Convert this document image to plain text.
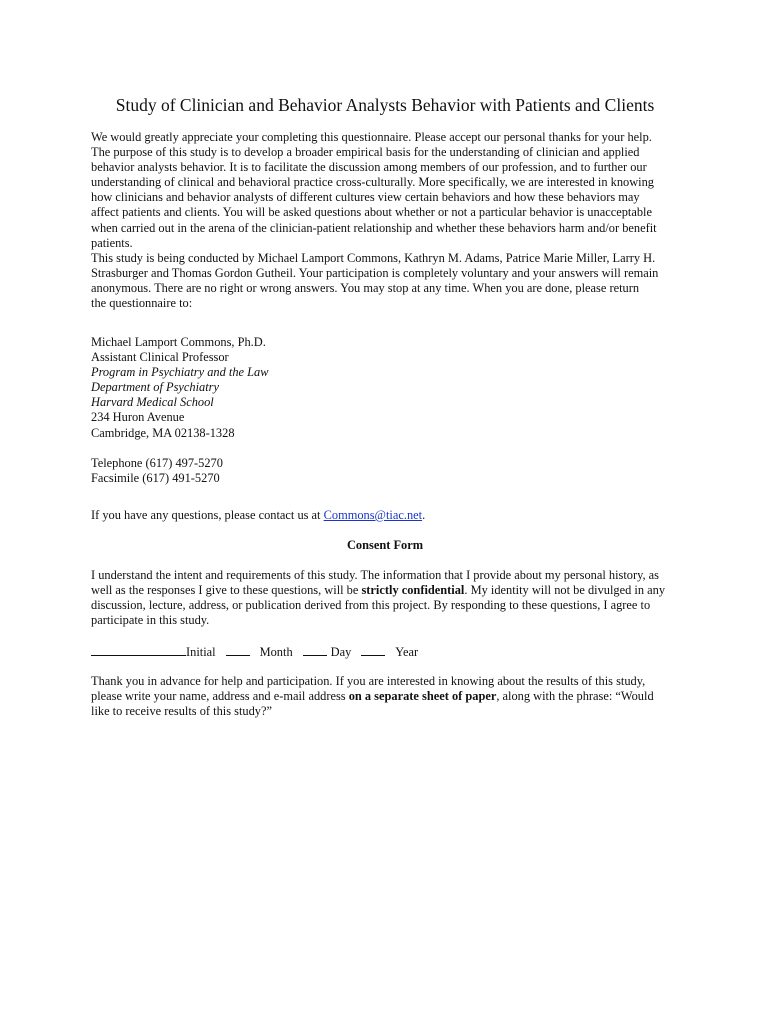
Study of Clinician and Behavior Analysts Behavior with Patients and Clients
We would greatly appreciate your completing this questionnaire. Please accept our personal thanks for your help.
The purpose of this study is to develop a broader empirical basis for the understanding of clinician and applied
behavior analysts behavior. It is to facilitate the discussion among members of our profession, and to further our
understanding of clinical and behavioral practice cross-culturally. More specifically, we are interested in knowing
how clinicians and behavior analysts of different cultures view certain behaviors and how these behaviors may
affect patients and clients. You will be asked questions about whether or not a particular behavior is unacceptable
when carried out in the arena of the clinician-patient relationship and whether these behaviors harm and/or benefit
patients.
This study is being conducted by Michael Lamport Commons, Kathryn M. Adams, Patrice Marie Miller, Larry H.
Strasburger and Thomas Gordon Gutheil. Your participation is completely voluntary and your answers will remain
anonymous. There are no right or wrong answers. You may stop at any time. When you are done, please return
the questionnaire to:
Michael Lamport Commons, Ph.D.
Assistant Clinical Professor
Program in Psychiatry and the Law
Department of Psychiatry
Harvard Medical School
234 Huron Avenue
Cambridge, MA 02138-1328
Telephone (617) 497-5270
Facsimile (617) 491-5270
If you have any questions, please contact us at Commons@tiac.net.

Consent Form

I understand the intent and requirements of this study. The information that I provide about my personal history, as
well as the responses I give to these questions, will be strictly confidential. My identity will not be divulged in any
discussion, lecture, address, or publication derived from this project. By responding to these questions, I agree to
participate in this study.
Initial	Month	Day	Year
Thank you in advance for help and participation. If you are interested in knowing about the results of this study,
please write your name, address and e-mail address on a separate sheet of paper, along with the phrase: “Would
like to receive results of this study?”
